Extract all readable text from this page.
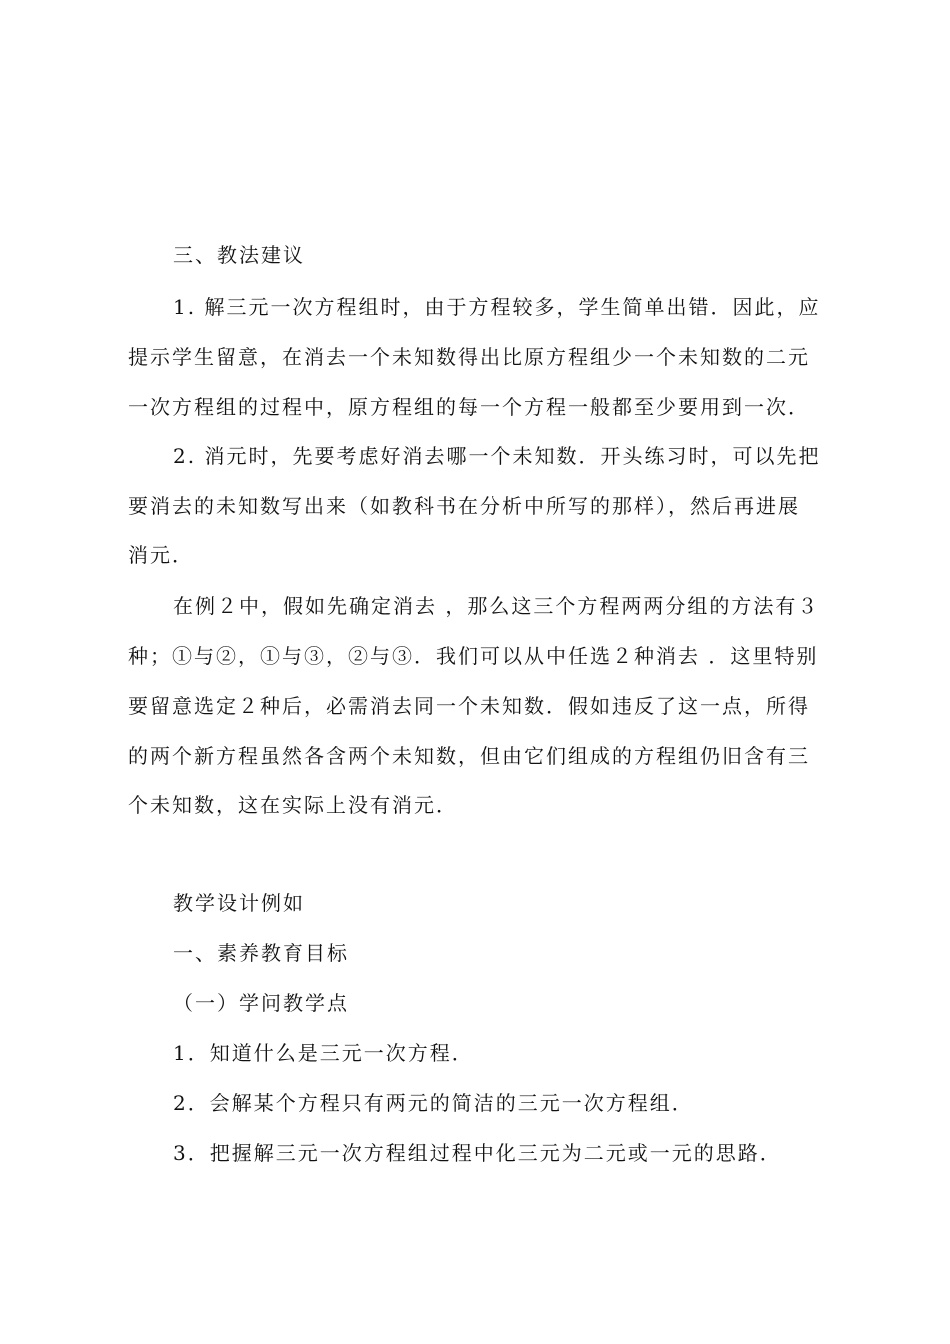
三、教法建议
1. 解三元一次方程组时，由于方程较多，学生简单出错．因此，应
提示学生留意，在消去一个未知数得出比原方程组少一个未知数的二元
一次方程组的过程中，原方程组的每一个方程一般都至少要用到一次．
2. 消元时，先要考虑好消去哪一个未知数．开头练习时，可以先把
要消去的未知数写出来（如教科书在分析中所写的那样），然后再进展
消元．
在例２中，假如先确定消去 ，那么这三个方程两两分组的方法有３
种；①与②，①与③，②与③．我们可以从中任选２种消去 ．这里特别
要留意选定２种后，必需消去同一个未知数．假如违反了这一点，所得
的两个新方程虽然各含两个未知数，但由它们组成的方程组仍旧含有三
个未知数，这在实际上没有消元．
教学设计例如
一、素养教育目标
（一）学问教学点
1．知道什么是三元一次方程．
2．会解某个方程只有两元的简洁的三元一次方程组．
3．把握解三元一次方程组过程中化三元为二元或一元的思路．
